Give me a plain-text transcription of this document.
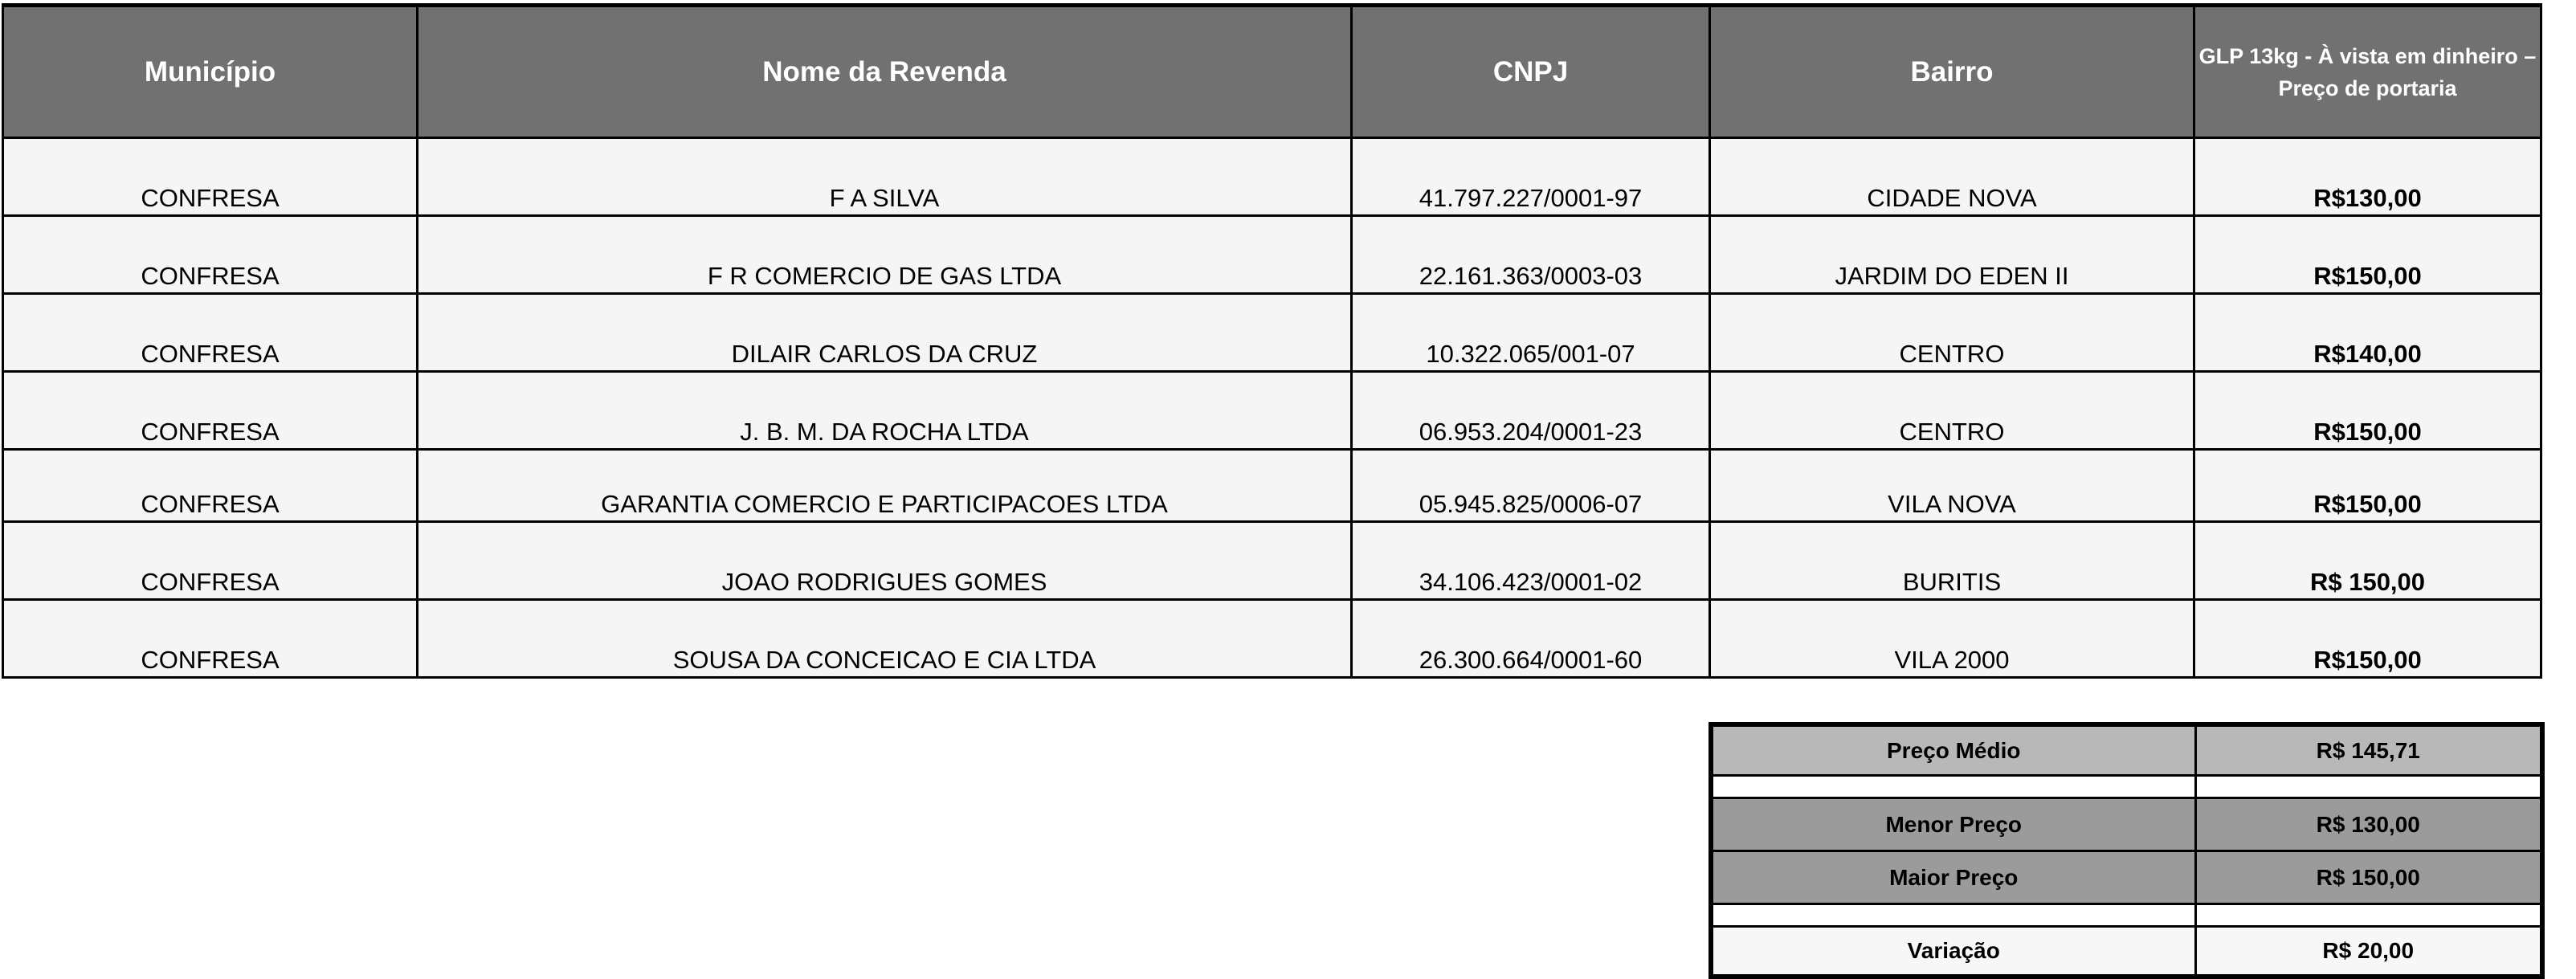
Município	Nome da Revenda	CNPJ	Bairro	GLP 13kg - À vista em dinheiro – Preço de portaria
CONFRESA	F A SILVA	41.797.227/0001-97	CIDADE NOVA	R$130,00
CONFRESA	F R COMERCIO DE GAS LTDA	22.161.363/0003-03	JARDIM DO EDEN II	R$150,00
CONFRESA	DILAIR CARLOS DA CRUZ	10.322.065/001-07	CENTRO	R$140,00
CONFRESA	J. B. M. DA ROCHA LTDA	06.953.204/0001-23	CENTRO	R$150,00
CONFRESA	GARANTIA COMERCIO E PARTICIPACOES LTDA	05.945.825/0006-07	VILA NOVA	R$150,00
CONFRESA	JOAO RODRIGUES GOMES	34.106.423/0001-02	BURITIS	R$ 150,00
CONFRESA	SOUSA DA CONCEICAO E CIA LTDA	26.300.664/0001-60	VILA 2000	R$150,00
Preço Médio	R$ 145,71

Menor Preço	R$ 130,00
Maior Preço	R$ 150,00

Variação	R$ 20,00
